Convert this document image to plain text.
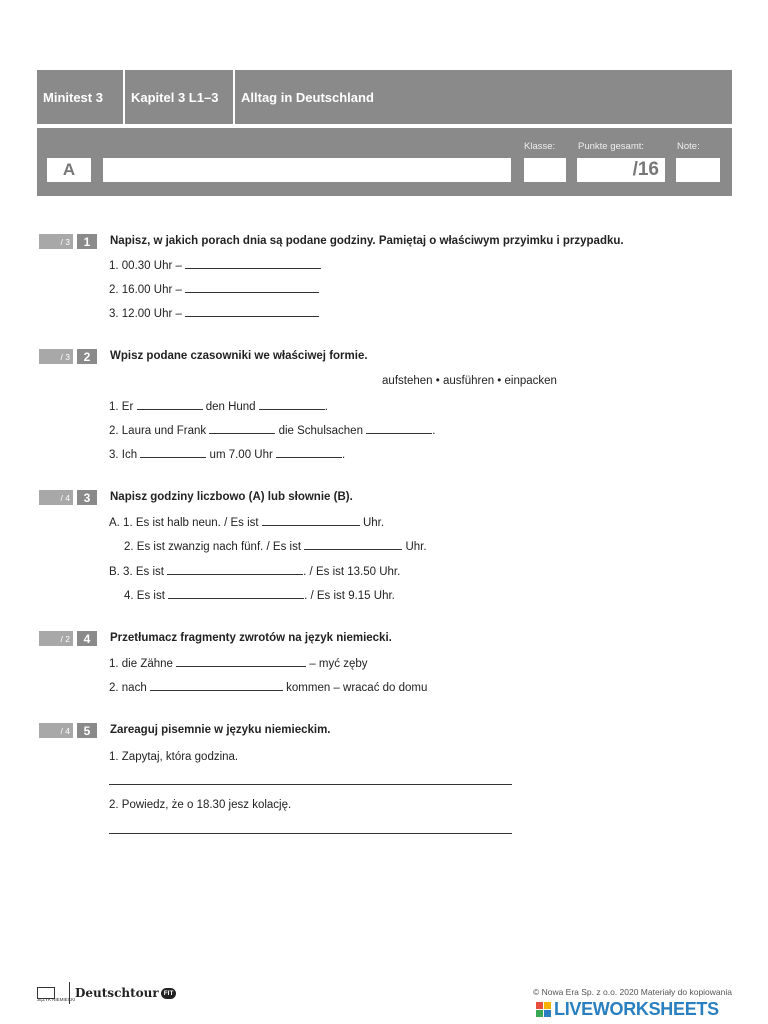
Minitest 3	Kapitel 3 L1–3	Alltag in Deutschland
A
Klasse: Punkte gesamt:
/16
Note:
/ 3	1	Napisz, w jakich porach dnia są podane godziny. Pamiętaj o właściwym przyimku i przypadku.
1. 00.30 Uhr –
2. 16.00 Uhr –
3. 12.00 Uhr –
/ 3	2	Wpisz podane czasowniki we właściwej formie.
aufstehen • ausführen • einpacken
1. Er	den Hund	.
2. Laura und Frank	die Schulsachen	.
3. Ich	um 7.00 Uhr	.
/ 4	3	Napisz godziny liczbowo (A) lub słownie (B).
A. 1. Es ist halb neun. / Es ist	Uhr.
2. Es ist zwanzig nach fünf. / Es ist	Uhr.
B. 3. Es ist	. / Es ist 13.50 Uhr.
4. Es ist	. / Es ist 9.15 Uhr.
/ 2	4	Przetłumacz fragmenty zwrotów na język niemiecki.
1. die Zähne	– myć zęby
2. nach	kommen – wracać do domu
/ 4	5	Zareaguj pisemnie w języku niemieckim.
1. Zapytaj, która godzina.
2. Powiedz, że o 18.30 jesz kolację.
Deutschtour FIT
JĘZYK NIEMIECKI
© Nowa Era Sp. z o.o. 2020 Materiały do kopiowania
LIVEWORKSHEETS
